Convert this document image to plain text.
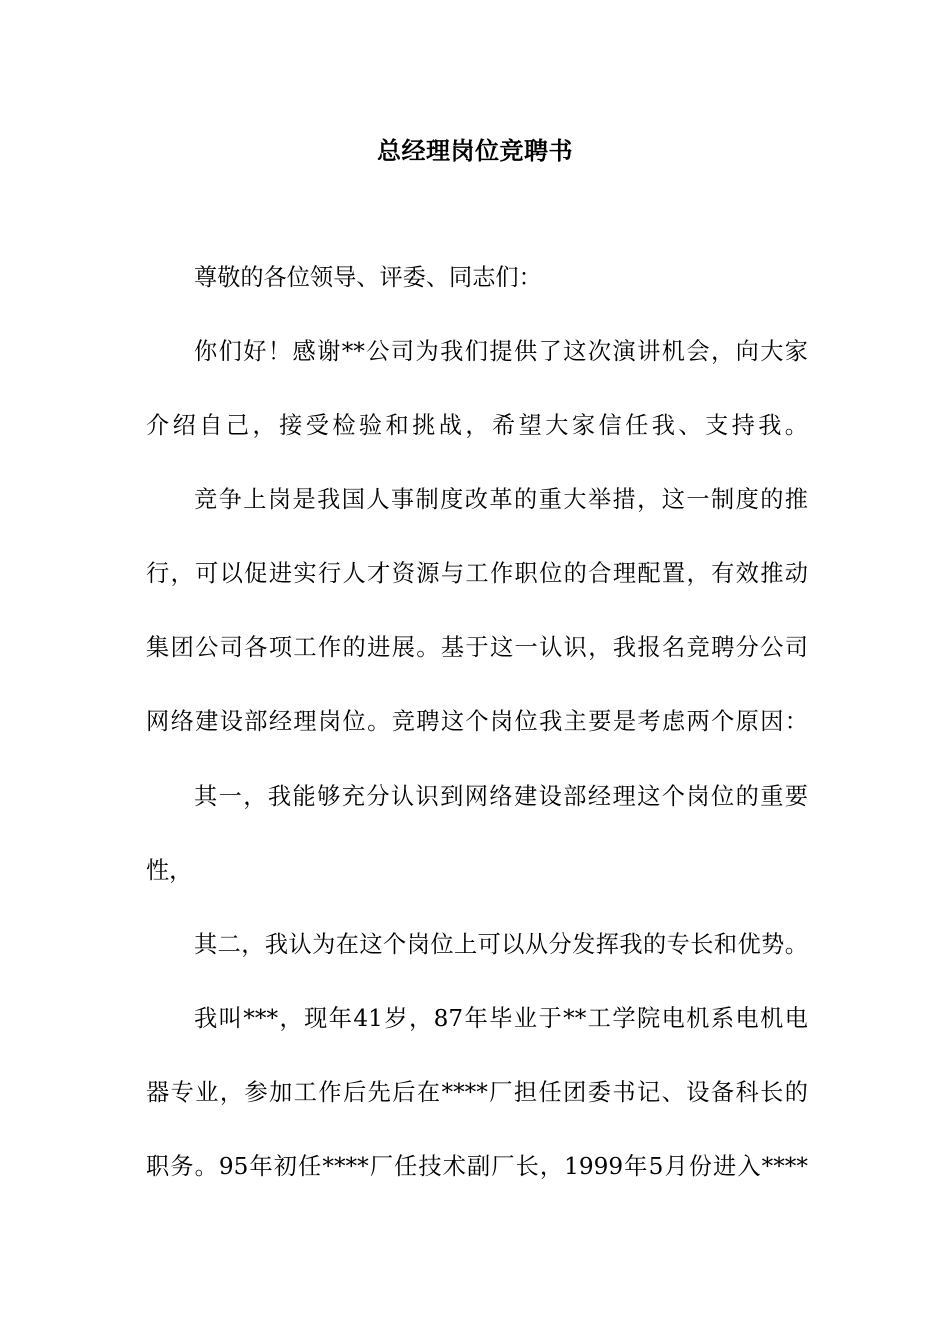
总经理岗位竞聘书
尊敬的各位领导、评委、同志们：
你们好！感谢**公司为我们提供了这次演讲机会，向大家
介绍自己，接受检验和挑战，希望大家信任我、支持我。
竞争上岗是我国人事制度改革的重大举措，这一制度的推
行，可以促进实行人才资源与工作职位的合理配置，有效推动
集团公司各项工作的进展。基于这一认识，我报名竞聘分公司
网络建设部经理岗位。竞聘这个岗位我主要是考虑两个原因：
其一，我能够充分认识到网络建设部经理这个岗位的重要
性，
其二，我认为在这个岗位上可以从分发挥我的专长和优势。
我叫***，现年41岁，87年毕业于**工学院电机系电机电
器专业，参加工作后先后在****厂担任团委书记、设备科长的
职务。95年初任****厂任技术副厂长，1999年5月份进入****
